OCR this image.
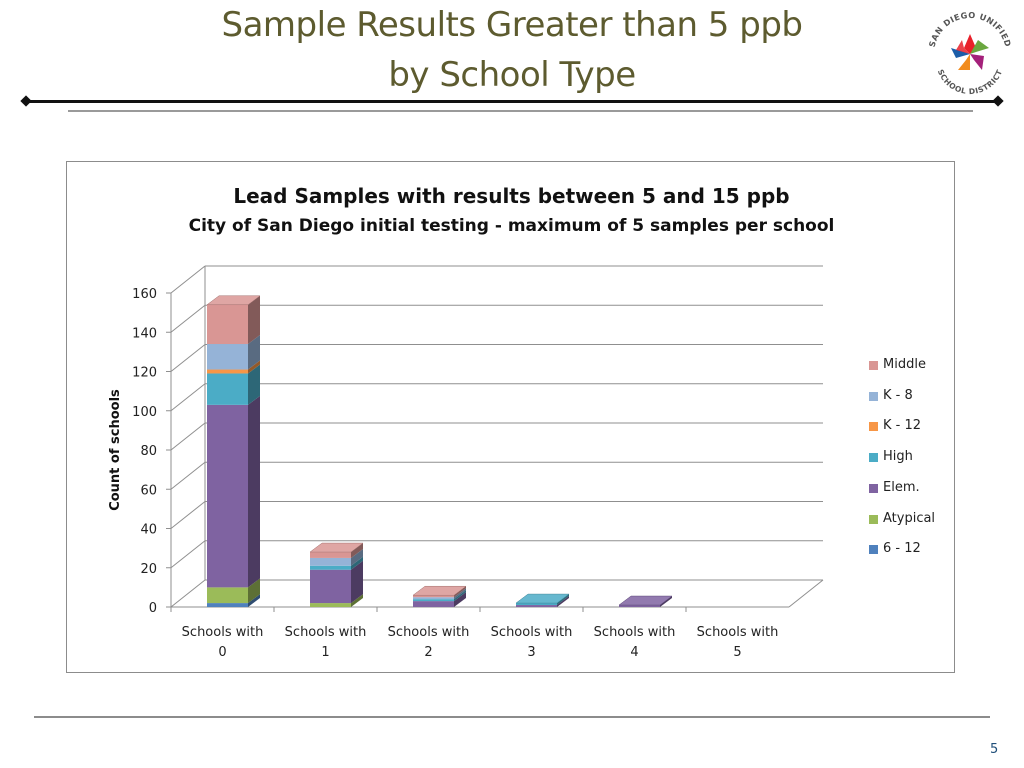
Sample Results Greater than 5 ppb
by School Type
SAN DIEGO UNIFIED
SCHOOL DISTRICT
Lead Samples with results between 5 and 15 ppb
City of San Diego initial testing - maximum of 5 samples per school
0
20
40
60
80
100
120
140
160
Count of schools
Schools with
0
Schools with
1
Schools with
2
Schools with
3
Schools with
4
Schools with
5
Middle
K - 8
K - 12
High
Elem.
Atypical
6 - 12
5
